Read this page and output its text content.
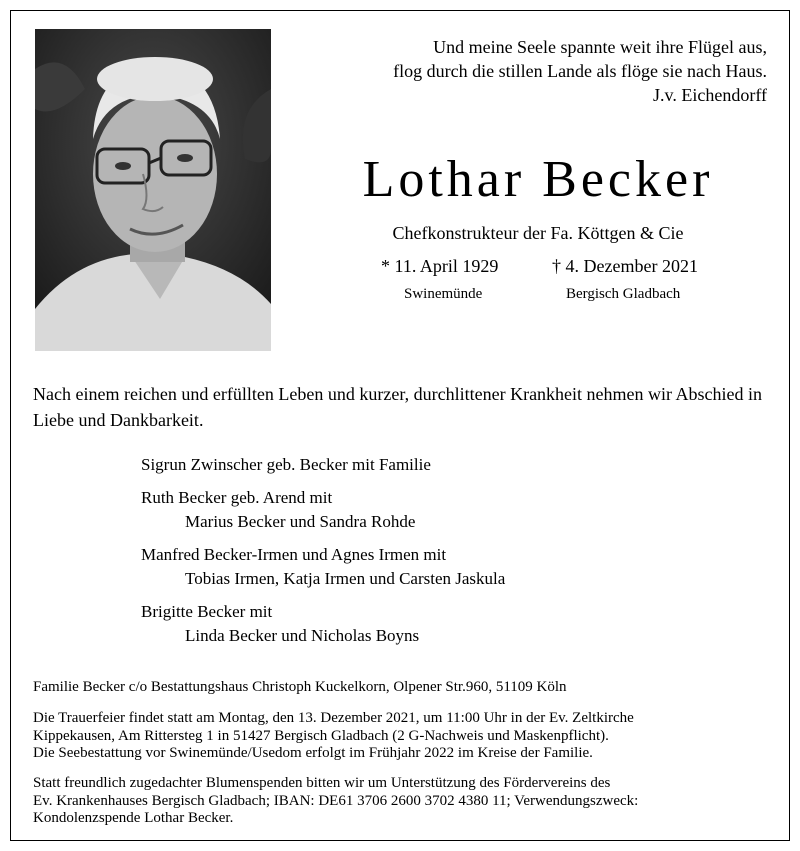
Und meine Seele spannte weit ihre Flügel aus,
flog durch die stillen Lande als flöge sie nach Haus.
J.v. Eichendorff
Lothar Becker
Chefkonstrukteur der Fa. Köttgen & Cie
* 11. April 1929	† 4. Dezember 2021
Swinemünde	Bergisch Gladbach
Nach einem reichen und erfüllten Leben und kurzer, durchlittener Krankheit nehmen wir Abschied in Liebe und Dankbarkeit.
Sigrun Zwinscher geb. Becker mit Familie
Ruth Becker geb. Arend mit
Marius Becker und Sandra Rohde
Manfred Becker-Irmen und Agnes Irmen mit
Tobias Irmen, Katja Irmen und Carsten Jaskula
Brigitte Becker mit
Linda Becker und Nicholas Boyns
Familie Becker c/o Bestattungshaus Christoph Kuckelkorn, Olpener Str.960, 51109 Köln
Die Trauerfeier findet statt am Montag, den 13. Dezember 2021, um 11:00 Uhr in der Ev. Zeltkirche
Kippekausen, Am Rittersteg 1 in 51427 Bergisch Gladbach (2 G-Nachweis und Maskenpflicht).
Die Seebestattung vor Swinemünde/Usedom erfolgt im Frühjahr 2022 im Kreise der Familie.
Statt freundlich zugedachter Blumenspenden bitten wir um Unterstützung des Fördervereins des
Ev. Krankenhauses Bergisch Gladbach; IBAN: DE61 3706 2600 3702 4380 11; Verwendungszweck:
Kondolenzspende Lothar Becker.
